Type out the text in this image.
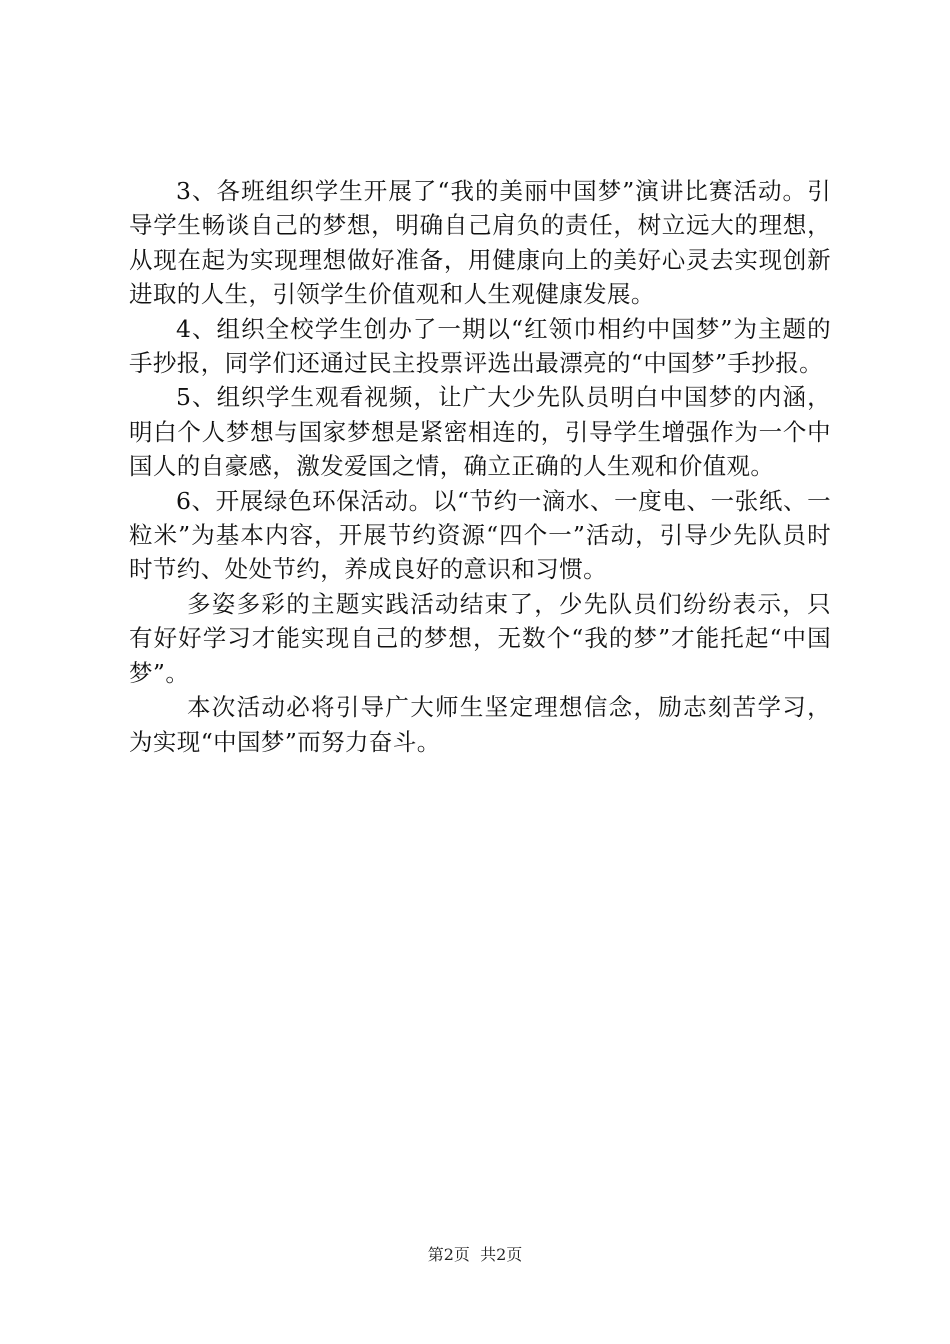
3、各班组织学生开展了“我的美丽中国梦”演讲比赛活动。引导学生畅谈自己的梦想，明确自己肩负的责任，树立远大的理想，从现在起为实现理想做好准备，用健康向上的美好心灵去实现创新进取的人生，引领学生价值观和人生观健康发展。

4、组织全校学生创办了一期以“红领巾相约中国梦”为主题的手抄报，同学们还通过民主投票评选出最漂亮的“中国梦”手抄报。

5、组织学生观看视频，让广大少先队员明白中国梦的内涵，明白个人梦想与国家梦想是紧密相连的，引导学生增强作为一个中国人的自豪感，激发爱国之情，确立正确的人生观和价值观。

6、开展绿色环保活动。以“节约一滴水、一度电、一张纸、一粒米”为基本内容，开展节约资源“四个一”活动，引导少先队员时时节约、处处节约，养成良好的意识和习惯。

多姿多彩的主题实践活动结束了，少先队员们纷纷表示，只有好好学习才能实现自己的梦想，无数个“我的梦”才能托起“中国梦”。

本次活动必将引导广大师生坚定理想信念，励志刻苦学习，为实现“中国梦”而努力奋斗。

第2页  共2页
